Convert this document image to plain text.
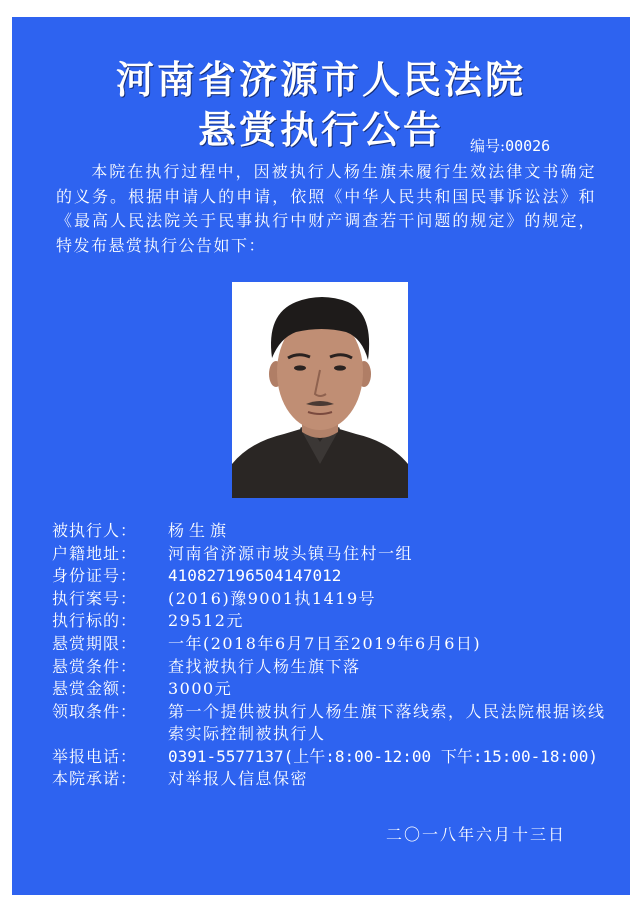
河南省济源市人民法院
悬赏执行公告	编号:00026

本院在执行过程中，因被执行人杨生旗未履行生效法律文书确定的义务。根据申请人的申请，依照《中华人民共和国民事诉讼法》和《最高人民法院关于民事执行中财产调查若干问题的规定》的规定，特发布悬赏执行公告如下：

被执行人：	杨生旗
户籍地址：	河南省济源市坡头镇马住村一组
身份证号：	410827196504147012
执行案号：	(2016)豫9001执1419号
执行标的：	29512元
悬赏期限：	一年(2018年6月7日至2019年6月6日)
悬赏条件：	查找被执行人杨生旗下落
悬赏金额：	3000元
领取条件：	第一个提供被执行人杨生旗下落线索，人民法院根据该线索实际控制被执行人
举报电话：	0391-5577137(上午:8:00-12:00 下午:15:00-18:00)
本院承诺：	对举报人信息保密
二〇一八年六月十三日
